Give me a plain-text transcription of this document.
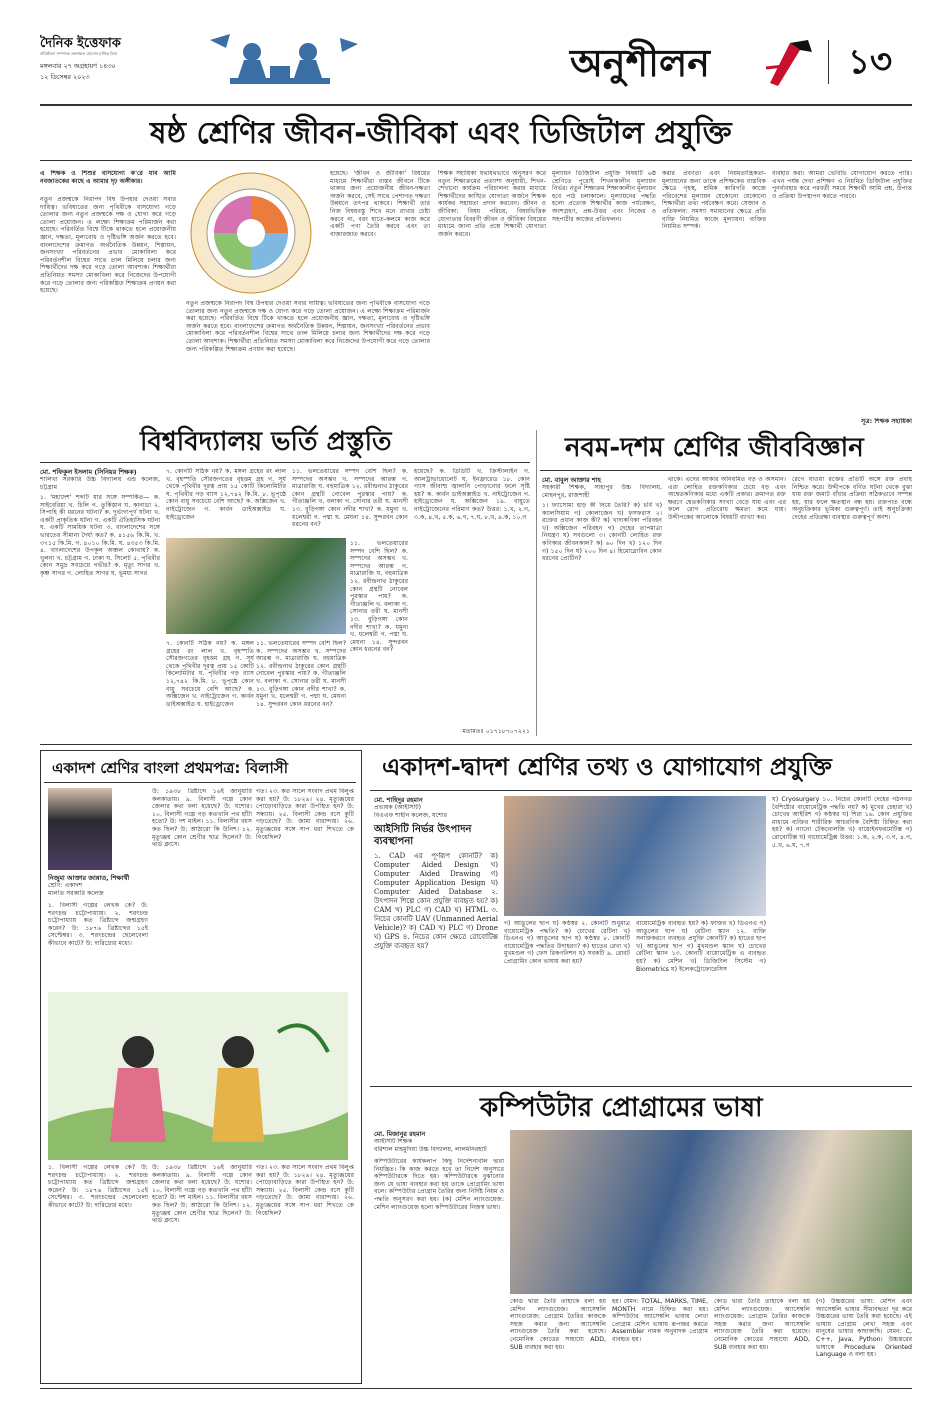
দৈনিক ইত্তেফাক
প্রতিষ্ঠাতা সম্পাদক তফাজ্জল হোসেন মানিক মিয়া
মঙ্গলবার ২৭ অগ্রহায়ণ ১৪৩০
১২ ডিসেম্বর ২০২৩	অনুশীলন	১৩
ষষ্ঠ শ্রেণির জীবন-জীবিকা এবং ডিজিটাল প্রযুক্তি
এ শিক্ষক ও শিশুর বাসযোগ্য ক'রে যাব আমি নবজাতকের কাছে এ আমার দৃঢ় অঙ্গীকার।
নতুন প্রজন্মকে নিরাপদ বিশ্ব উপহার দেওয়া সবার দায়িত্ব। ভবিষ্যতের জন্য পৃথিবীকে বাসযোগ্য গড়ে তোলার জন্য নতুন প্রজন্মকে দক্ষ ও যোগ্য করে গড়ে তোলা প্রয়োজন। এ লক্ষ্যে শিক্ষাক্রম পরিমার্জন করা হয়েছে। পরিবর্তিত বিশ্বে টিকে থাকতে হলে প্রয়োজনীয় জ্ঞান, দক্ষতা, মূল্যবোধ ও দৃষ্টিভঙ্গি অর্জন করতে হবে। বাংলাদেশের ক্রমাগত অর্থনৈতিক উন্নয়ন, শিল্পায়ন, জনসংখ্যা পরিবর্তনের প্রভাব মোকাবিলা করে পরিবর্তনশীল বিশ্বের সাথে তাল মিলিয়ে চলার জন্য শিক্ষার্থীদের দক্ষ করে গড়ে তোলা আবশ্যক। শিক্ষার্থীরা প্রতিনিয়ত সমস্যা মোকাবিলা করে নিজেদের উপযোগী করে গড়ে তোলার জন্য পরিকল্পিত শিক্ষাক্রম প্রণয়ন করা হয়েছে।
হয়েছে। 'জীবন ও জীবিকা' বিষয়ের মাধ্যমে শিক্ষার্থীরা বাস্তব জীবনে টিকে থাকার জন্য প্রয়োজনীয় জীবন-দক্ষতা অর্জন করবে, সেই সাথে পেশাগত দক্ষতা উন্নয়নে তৎপর থাকবে। শিক্ষার্থী তার নিজ বিষয়বস্তু শিখে মনে রাখার চেষ্টা করবে না, বরং হাতে-কলমে কাজ করে একটি পণ্য তৈরি করবে এবং তা বাজারজাত করবে।
নতুন প্রজন্মকে নিরাপদ বিশ্ব উপহার দেওয়া সবার দায়িত্ব। ভবিষ্যতের জন্য পৃথিবীকে বাসযোগ্য গড়ে তোলার জন্য নতুন প্রজন্মকে দক্ষ ও যোগ্য করে গড়ে তোলা প্রয়োজন। এ লক্ষ্যে শিক্ষাক্রম পরিমার্জন করা হয়েছে। পরিবর্তিত বিশ্বে টিকে থাকতে হলে প্রয়োজনীয় জ্ঞান, দক্ষতা, মূল্যবোধ ও দৃষ্টিভঙ্গি অর্জন করতে হবে। বাংলাদেশের ক্রমাগত অর্থনৈতিক উন্নয়ন, শিল্পায়ন, জনসংখ্যা পরিবর্তনের প্রভাব মোকাবিলা করে পরিবর্তনশীল বিশ্বের সাথে তাল মিলিয়ে চলার জন্য শিক্ষার্থীদের দক্ষ করে গড়ে তোলা আবশ্যক। শিক্ষার্থীরা প্রতিনিয়ত সমস্যা মোকাবিলা করে নিজেদের উপযোগী করে গড়ে তোলার জন্য পরিকল্পিত শিক্ষাক্রম প্রণয়ন করা হয়েছে।
শিক্ষক সহায়িকা যথাযথভাবে অনুসরণ করে নতুন শিক্ষাক্রমের প্রত্যাশা অনুযায়ী, শিখন-শেখানো কার্যক্রম পরিচালনা করার মাধ্যমে শিক্ষার্থীদের কাঙ্খিত যোগ্যতা অর্জনে শিক্ষক কার্যকর সহায়তা প্রদান করবেন। জীবন ও জীবিকা: বিষয় পরিচয়, বিষয়ভিত্তিক যোগ্যতার বিবরণী জীবন ও জীবিকা বিষয়ের মাধ্যমে জানা প্রতি প্রশ্নে শিক্ষার্থী যোগ্যতা অর্জন করবে।
মূল্যায়ন ডিজিটাল প্রযুক্তি বিষয়টি ৬ষ্ঠ শ্রেণিতে পুরোই শিখনকালীন মূল্যায়ন নির্ভর। নতুন শিক্ষাক্রম শিক্ষাকালীন মূল্যায়ন হবে পাঠ চলাকালে। মূল্যায়নের পদ্ধতি হলো প্রত্যেক শিক্ষার্থীর কাজ পর্যবেক্ষণ, অংশগ্রহণ, প্রশ্ন-উত্তর এবং নিজের ও সহপাঠীর কাজের প্রতিফলন।
করার প্রবণতা এবং নিয়মতান্ত্রিকতা-মূল্যায়নের জন্য তাকে প্রশিক্ষকের বাস্তবিক ক্ষেত্রে গৃহস্থ, শ্রমিক কারিগরি কাজে পরিবেশের মূল্যায়ন যেকোনো যেকোনো শিক্ষার্থীরা তথ্য পর্যবেক্ষণ করে। সেজান ও প্রতিফলন: সমস্যা সমাধানের ক্ষেত্রে প্রতি ব্যক্তি নিয়মিত কাজে মূল্যায়ন। ব্যক্তির নিয়মিত সম্পর্ক।
ব্যবহার করা। আমরা ভেবিভি যোগাযোগ করতে পারি। এখন পর্যন্ত দেখা প্রশিক্ষণ এ নিয়মিত ডিজিটাল প্রযুক্তির পুনর্ব্যবহার করে পরবর্তী সময়ে শিক্ষার্থী আমি প্রশ্ন, উপাত্ত ও প্রক্রিয়া উপস্থাপন করতে পারবে।
সূত্র: শিক্ষক সহায়িকা
বিশ্ববিদ্যালয় ভর্তি প্রস্তুতি
মো. শফিকুল ইসলাম (সিনিয়র শিক্ষক)
শালিখা সরকারি উচ্চ বিদ্যালয় এন্ড কলেজ, চট্টগ্রাম
১. 'মহাদেশ' শব্দটি যার সঙ্গে সম্পর্কিত— ক. সাইবেরিয়া খ. চিলি গ. তুর্কিস্তান ঘ. কানাডা ২. সিপাহি কী ধরনের ঘটনা? ক. দুর্ভাগ্যপূর্ণ ঘটনা খ. একটি প্রাকৃতিক ঘটনা গ. একটি ঐতিহাসিক ঘটনা ঘ. একটি সাময়িক ঘটনা ৩. বাংলাদেশের সঙ্গে ভারতের সীমানা দৈর্ঘ্য কত? ক. ৪১৫৬ কি.মি. খ. ৩৭১৫ কি.মি. গ. ৪০১০ কি.মি. ঘ. ৪৩৫৩ কি.মি. ৪. বাংলাদেশের উপকূল অঞ্চল কোথায়? ক. খুলনা খ. চট্টগ্রাম গ. ঢাকা ঘ. সিলেট ৫. পৃথিবীর কোন সমুদ্র সবচেয়ে গভীর? ক. মৃত্যু সাগর খ. কৃষ্ণ সাগর গ. লোহিত সাগর ঘ. ভূমধ্য সাগর
৭. কোনটি সঠিক নয়? ক. মঙ্গল গ্রহের রং লাল খ. বৃহস্পতি সৌরজগতের বৃহত্তম গ্রহ গ. সূর্য থেকে পৃথিবীর দূরত্ব প্রায় ১৫ কোটি কিলোমিটার ঘ. পৃথিবীর গড় ব্যাস ১২,৭৪২ কি.মি. ৮. ভূপৃষ্ঠে কোন বায়ু সবচেয়ে বেশি আছে? ক. অক্সিজেন খ. নাইট্রোজেন গ. কার্বন ডাইঅক্সাইড ঘ. হাইড্রোজেন
৭. কোনটি সঠিক নয়? ক. মঙ্গল গ্রহের রং লাল খ. বৃহস্পতি সৌরজগতের বৃহত্তম গ্রহ গ. সূর্য থেকে পৃথিবীর দূরত্ব প্রায় ১৫ কোটি কিলোমিটার ঘ. পৃথিবীর গড় ব্যাস ১২,৭৪২ কি.মি. ৮. ভূপৃষ্ঠে কোন বায়ু সবচেয়ে বেশি আছে? ক. অক্সিজেন খ. নাইট্রোজেন গ. কার্বন ডাইঅক্সাইড ঘ. হাইড্রোজেন
১১. ভলতেয়ারের সম্পদ বেশি ছিল? ক. সম্পদের অসম্ভব খ. সম্পদের আরম্ভ গ. মাত্রারাজি ঘ. বহুমাত্রিক ১২. রবীন্দ্রনাথ ঠাকুরের কোন গ্রন্থটি নোবেল পুরস্কার পায়? ক. গীতাঞ্জলি খ. বলাকা গ. সোনার তরী ঘ. মানসী ১৩. বুড়িগঙ্গা কোন নদীর শাখা? ক. যমুনা খ. ধলেশ্বরী গ. পদ্মা ঘ. মেঘনা ১৪. সুন্দরবন কোন ধরনের বন?
১১. ভলতেয়ারের সম্পদ বেশি ছিল? ক. সম্পদের অসম্ভব খ. সম্পদের আরম্ভ গ. মাত্রারাজি ঘ. বহুমাত্রিক ১২. রবীন্দ্রনাথ ঠাকুরের কোন গ্রন্থটি নোবেল পুরস্কার পায়? ক. গীতাঞ্জলি খ. বলাকা গ. সোনার তরী ঘ. মানসী ১৩. বুড়িগঙ্গা কোন নদীর শাখা? ক. যমুনা খ. ধলেশ্বরী গ. পদ্মা ঘ. মেঘনা ১৪. সুন্দরবন কোন ধরনের বন?
১১. ভলতেয়ারের সম্পদ বেশি ছিল? ক. সম্পদের অসম্ভব খ. সম্পদের আরম্ভ গ. মাত্রারাজি ঘ. বহুমাত্রিক ১২. রবীন্দ্রনাথ ঠাকুরের কোন গ্রন্থটি নোবেল পুরস্কার পায়? ক. গীতাঞ্জলি খ. বলাকা গ. সোনার তরী ঘ. মানসী ১৩. বুড়িগঙ্গা কোন নদীর শাখা? ক. যমুনা খ. ধলেশ্বরী গ. পদ্মা ঘ. মেঘনা ১৪. সুন্দরবন কোন ধরনের বন?
হয়েছে? ক. ডিডিটি খ. ক্রিস্টালাইন গ. আলট্রাভায়োলেট ঘ. ইনফ্রারেড ১৮. কোন গ্যাস জীবাশ্ম জ্বালানি পোড়ানোর ফলে সৃষ্টি হয়? ক. কার্বন ডাইঅক্সাইড খ. নাইট্রোজেন গ. হাইড্রোজেন ঘ. অক্সিজেন ১৯. বায়ুতে নাইট্রোজেনের পরিমাণ কত? উত্তর: ১.খ, ২.গ, ৩.ক, ৪.খ, ৫.ক, ৬.গ, ৭.ঘ, ৮.খ, ৯.ক, ১০.গ
মতামতঃ ০১৭১৮৭০৭২২১
নবম-দশম শ্রেণির জীববিজ্ঞান
মো. বাবুল আক্তার শাহ
সহকারী শিক্ষক, সাহাপুর উচ্চ বিদ্যালয়, মোহনপুর, রাজশাহী
১। ফ্যাসোমা হাড় কী নিয়ে তৈরি? ক) চর্বি খ) ক্যালসিয়াম গ) কোলাজেন ঘ) ফসফরাস ২। রক্তের প্রধান কাজ কী? ক) খাদ্যকণিকা পরিবহন খ) অক্সিজেন পরিবহন গ) দেহের তাপমাত্রা নিয়ন্ত্রণ ঘ) সবগুলো ৩। কোনটি লোহিত রক্ত কণিকার জীবনকাল? ক) ৬০ দিন খ) ১২০ দিন গ) ১৫০ দিন ঘ) ২০০ দিন ৪। হিমোগ্লোবিন কোন ধরনের প্রোটিন?
থাকে। এদের আকার অনিয়মিত বড় ও অসমান। এরা লোহিত রক্তকণিকার চেয়ে বড় এবং অশ্বেতকণিকার মধ্যে একটি প্রকার। ক্রমাগত রক্ত ক্ষরণে শ্বেতকণিকার সংখ্যা বেড়ে যায় এবং এর ফলে রোগ প্রতিরোধ ক্ষমতা কমে যায়। উদ্দীপকের আলোকে বিষয়টি ব্যাখ্যা কর।
রেগে যাওয়া রক্তের প্রতিটি অঙ্গে রক্ত প্রবাহ নিশ্চিত করে। উদ্দীপকে বর্ণিত ঘটনা থেকে বুঝা যায় রক্ত জমাট বাঁধার প্রক্রিয়া সঠিকভাবে সম্পন্ন হয়, যার ফলে ক্ষতস্থান বন্ধ হয়। রক্তপাত বন্ধে অনুচক্রিকার ভূমিকা গুরুত্বপূর্ণ। তাই অনুচক্রিকা দেহের প্রতিরক্ষা ব্যবস্থার গুরুত্বপূর্ণ অংশ।
একাদশ শ্রেণির বাংলা প্রথমপত্র: বিলাসী
নিজুমা আক্তার জান্নাত, শিক্ষার্থী
শ্রেণি: একাদশ
মালতি সরকারি কলেজ
১. বিলাসী গল্পের লেখক কে? উ: শরৎচন্দ্র চট্টোপাধ্যায়। ২. শরৎচন্দ্র চট্টোপাধ্যায় কত খ্রিষ্টাব্দে জন্মগ্রহণ করেন? উ: ১৮৭৬ খ্রিষ্টাব্দের ১৫ই সেপ্টেম্বর। ৩. শরৎচন্দ্রের ছেলেবেলা কীভাবে কাটে? উ: দারিদ্র্যের মধ্যে।
উ: ১৯৩৮ খ্রিষ্টাব্দে ১৬ই জানুয়ারি কলকাতায়। ৯. বিলাসী গল্পে কোন জেলার কথা বলা হয়েছে? উ: যশোর। ১০. বিলাসী গল্পে গড় কতখানি পথ হাঁটা হতো? উ: দশ মাইল। ১১. বিলাসীর বয়স কত ছিল? উ: আঠারো কি উনিশ। ১২. মৃত্যুঞ্জয় কোন শ্রেণীর ছাত্র ছিলেন? উ: থার্ড ক্লাসে।
গত। ২৩. কত সালে সংবাদ প্রথম বিলুপ্ত করা হয়? উ: ১৮২৯। ২৪. মৃত্যুঞ্জয়ের পোড়োবাড়িতে কারা উপস্থিত হন? উ: সন্ধ্যায়। ২৫. বিলাসী কেন্দ্র বসে কুটি গড়তেছে? উ: জামা বারান্দায়। ২৬. মৃত্যুঞ্জয়ের সঙ্গে সাপ ধরা শিখতে কে গিয়েছিল?
১. বিলাসী গল্পের লেখক কে? উ: শরৎচন্দ্র চট্টোপাধ্যায়। ২. শরৎচন্দ্র চট্টোপাধ্যায় কত খ্রিষ্টাব্দে জন্মগ্রহণ করেন? উ: ১৮৭৬ খ্রিষ্টাব্দের ১৫ই সেপ্টেম্বর। ৩. শরৎচন্দ্রের ছেলেবেলা কীভাবে কাটে? উ: দারিদ্র্যের মধ্যে।
উ: ১৯৩৮ খ্রিষ্টাব্দে ১৬ই জানুয়ারি কলকাতায়। ৯. বিলাসী গল্পে কোন জেলার কথা বলা হয়েছে? উ: যশোর। ১০. বিলাসী গল্পে গড় কতখানি পথ হাঁটা হতো? উ: দশ মাইল। ১১. বিলাসীর বয়স কত ছিল? উ: আঠারো কি উনিশ। ১২. মৃত্যুঞ্জয় কোন শ্রেণীর ছাত্র ছিলেন? উ: থার্ড ক্লাসে।
গত। ২৩. কত সালে সংবাদ প্রথম বিলুপ্ত করা হয়? উ: ১৮২৯। ২৪. মৃত্যুঞ্জয়ের পোড়োবাড়িতে কারা উপস্থিত হন? উ: সন্ধ্যায়। ২৫. বিলাসী কেন্দ্র বসে কুটি গড়তেছে? উ: জামা বারান্দায়। ২৬. মৃত্যুঞ্জয়ের সঙ্গে সাপ ধরা শিখতে কে গিয়েছিল?
একাদশ-দ্বাদশ শ্রেণির তথ্য ও যোগাযোগ প্রযুক্তি
মো. শাহিদুর রহমান
প্রভাষক (আইসিটি)
বিএএফ শাহীন কলেজ, যশোর
আইসিটি নির্ভর উৎপাদন ব্যবস্থাপনা
১. CAD এর পূর্ণরূপ কোনটি? ক) Computer Aided Design খ) Computer Aided Drawing গ) Computer Application Design ঘ) Computer Aided Database ২. উৎপাদন শিল্পে কোন প্রযুক্তি ব্যবহৃত হয়? ক) CAM খ) PLC গ) CAD ঘ) HTML ৩. নিচের কোনটি UAV (Unmanned Aerial Vehicle)? ক) CAD খ) PLC গ) Drone ঘ) GPS ৪. নিচের কোন ক্ষেত্রে রোবোটিক্স প্রযুক্তি ব্যবহৃত হয়?
গ) আঙুলের ছাপ ঘ) কণ্ঠস্বর ২. কোনটি শুধুমাত্র বায়োমেট্রিক পদ্ধতি? ক) চোখের রেটিনা খ) ডিএনএ গ) আঙুলের ছাপ ঘ) কণ্ঠস্বর ৮. কোনটি বায়োমেট্রিক পদ্ধতির উদাহরণ? ক) হাতের রেখা খ) মুখমণ্ডল গ) ফেস রিকগনিশন ঘ) সবকটি ৯. রোবট প্রোগ্রামিং কোন ভাষায় করা হয়?
বায়োমেট্রিক ব্যবহৃত হয়? ক) ফাক্তর খ) ডিএনএ গ) আঙুলের ছাপ ঘ) রেটিনা স্ক্যান ১২. ব্যক্তি সনাক্তকরণে ব্যবহৃত প্রযুক্তি কোনটি? ক) হাতের ছাপ খ) আঙুলের ছাপ গ) মুখমণ্ডল স্ক্যান ঘ) চোখের রেটিনা স্ক্যান ১৩. কোনটি বায়োমেট্রিক এ ব্যবহৃত হয়? ক) মেশিন খ) ডিজিটাল সিস্টেম গ) Biometrics ঘ) ইলেকট্রোফোরেসিস
ঘ) Cryosurgery ১০. নিচের কোনটি দেহের গঠনগত বৈশিষ্ট্যের বায়োমেট্রিক পদ্ধতি নয়? ক) মুখের চেহারা খ) চোখের আইরিশ গ) কণ্ঠস্বর ঘ) শিরা ১৬. কোন প্রযুক্তির মাধ্যমে ব্যক্তির শারীরিক আচরণিক বৈশিষ্ট্য চিহ্নিত করা হয়? ক) ন্যানো টেকনোলজি খ) বায়োইনফরমেটিক্স গ) রোবোটিক্স ঘ) বায়োমেট্রিক্স উত্তর: ১.ক, ২.ক, ৩.গ, ৪.গ, ৫.খ, ৬.ঘ, ৭.গ
কম্পিউটার প্রোগ্রামের ভাষা
মো. মিজানুর রহমান
আইসিটি শিক্ষক
বরিশাল মাহমুদিয়া উচ্চ বিদ্যালয়, লালমনিরহাট
কম্পিউটারের কার্যকলাপ কিছু নির্দেশনাবলি দ্বারা নিয়ন্ত্রিত। কি কাজ করতে হবে তা নির্দেশ অনুসারে কম্পিউটারকে দিতে হয়। কম্পিউটারকে বুঝানোর জন্য যে ভাষা ব্যবহার করা হয় তাকে প্রোগ্রামিং ভাষা বলে। কম্পিউটার প্রোগ্রাম তৈরির জন্য নির্দিষ্ট নিয়ম ও পদ্ধতি অনুসরণ করা হয়। (ক) মেশিন ল্যাংগুয়েজ: মেশিন ল্যাংগুয়েজ হলো কম্পিউটারের নিজস্ব ভাষা।
কোড দ্বারা তৈরি তাহাকে বলা হয় মেশিন ল্যাংগুয়েজ। অ্যাসেম্বলি ল্যাংগুয়েজ: প্রোগ্রাম তৈরির কাজকে সহজ করার জন্য অ্যাসেম্বলি ল্যাংগুয়েজ তৈরি করা হয়েছে। নেমোনিক কোডের সাহায্যে ADD, SUB ব্যবহার করা হয়।
হয়। যেমন: TOTAL, MARKS, TIME, MONTH নামে চিহ্নিত করা হয়। কম্পিউটার অ্যাসেম্বলি ভাষায় লেখা প্রোগ্রাম মেশিন ভাষায় রূপান্তর করতে Assembler নামক অনুবাদক প্রোগ্রাম ব্যবহৃত হয়।
কোড দ্বারা তৈরি তাহাকে বলা হয় মেশিন ল্যাংগুয়েজ। অ্যাসেম্বলি ল্যাংগুয়েজ: প্রোগ্রাম তৈরির কাজকে সহজ করার জন্য অ্যাসেম্বলি ল্যাংগুয়েজ তৈরি করা হয়েছে। নেমোনিক কোডের সাহায্যে ADD, SUB ব্যবহার করা হয়।
(গ) উচ্চস্তরের ভাষা: মেশিন এবং অ্যাসেম্বলি ভাষার সীমাবদ্ধতা দূর করে উচ্চস্তরের ভাষা তৈরি করা হয়েছে। এই ভাষায় প্রোগ্রাম লেখা সহজ এবং মানুষের ভাষার কাছাকাছি। যেমন: C, C++, Java, Python। উচ্চস্তরের ভাষাকে Procedure Oriented Language ও বলা হয়।
